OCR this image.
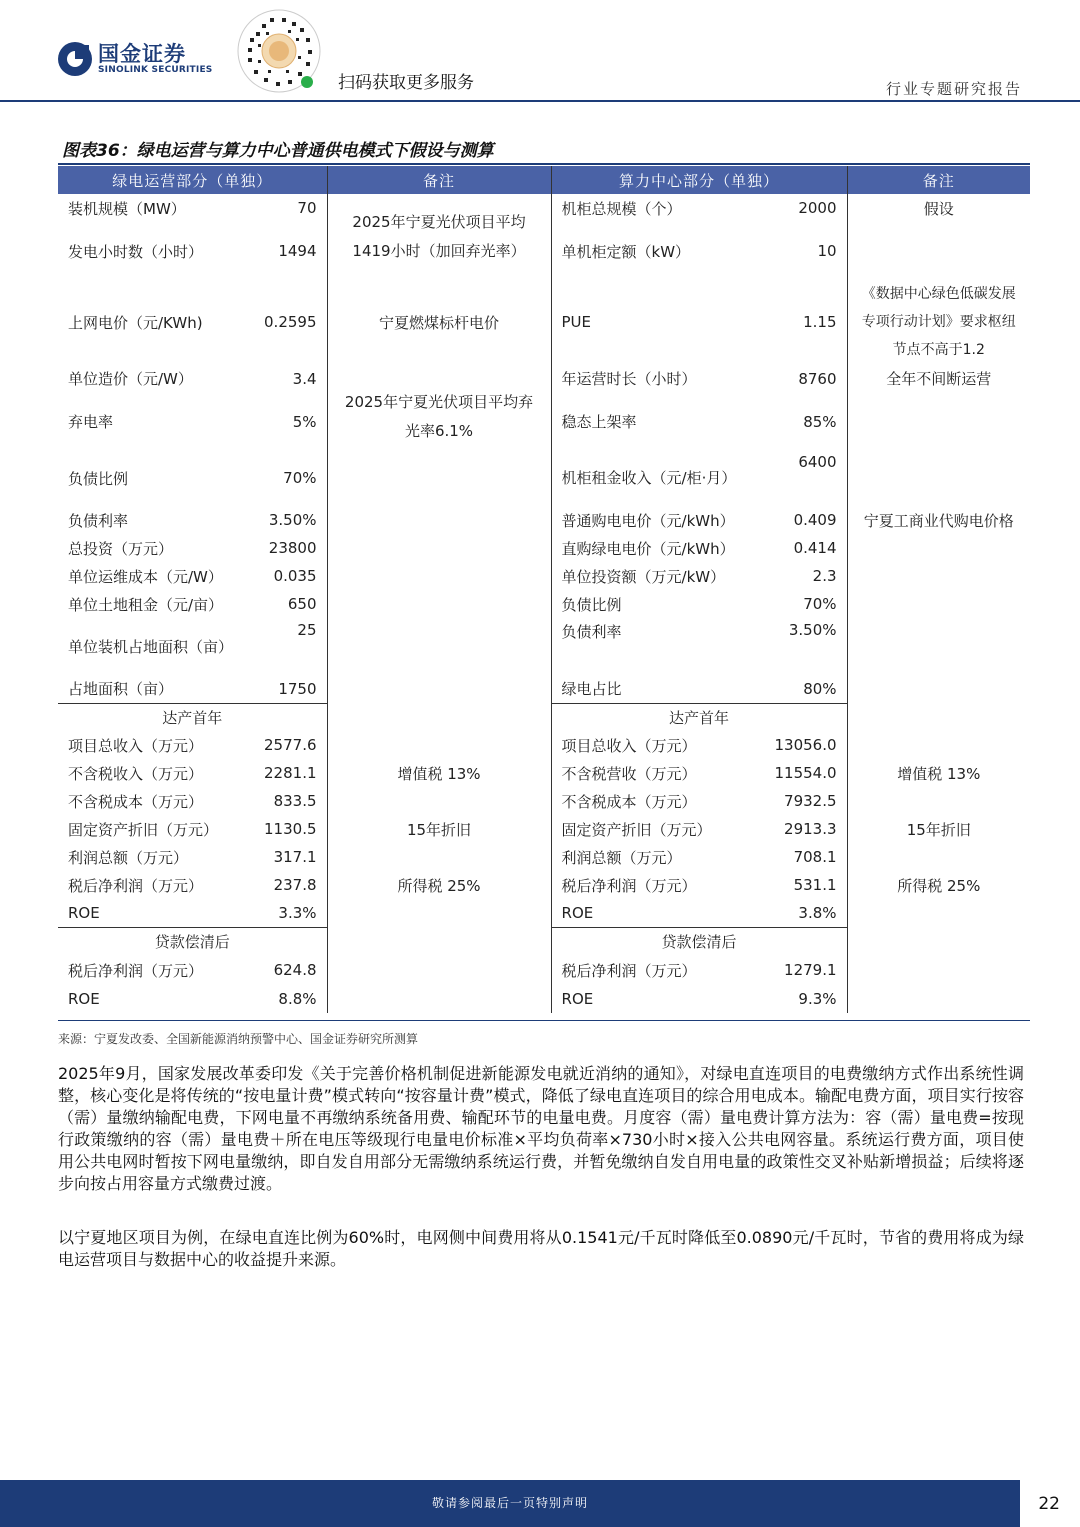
国金证券
SINOLINK SECURITIES
扫码获取更多服务	行业专题研究报告
图表36：绿电运营与算力中心普通供电模式下假设与测算
绿电运营部分（单独）		备注	算力中心部分（单独）		备注
装机规模（MW）	70	2025年宁夏光伏项目平均1419小时（加回弃光率）	机柜总规模（个）	2000	假设
发电小时数（小时）	1494		单机柜定额（kW）	10	
上网电价（元/KWh)	0.2595	宁夏燃煤标杆电价	PUE	1.15	《数据中心绿色低碳发展专项行动计划》要求枢纽节点不高于1.2
单位造价（元/W）	3.4	2025年宁夏光伏项目平均弃光率6.1%	年运营时长（小时）	8760	全年不间断运营
弃电率	5%		稳态上架率	85%	
负债比例	70%		机柜租金收入（元/柜·月）	6400	
负债利率	3.50%		普通购电电价（元/kWh）	0.409	宁夏工商业代购电价格
总投资（万元）	23800		直购绿电电价（元/kWh）	0.414	
单位运维成本（元/W）	0.035		单位投资额（万元/kW）	2.3	
单位土地租金（元/亩）	650		负债比例	70%	
单位装机占地面积（亩）	25		负债利率	3.50%	
占地面积（亩）	1750		绿电占比	80%	
达产首年			达产首年		
项目总收入（万元）	2577.6		项目总收入（万元）	13056.0	
不含税收入（万元）	2281.1	增值税 13%	不含税营收（万元）	11554.0	增值税 13%
不含税成本（万元）	833.5		不含税成本（万元）	7932.5	
固定资产折旧（万元）	1130.5	15年折旧	固定资产折旧（万元）	2913.3	15年折旧
利润总额（万元）	317.1		利润总额（万元）	708.1	
税后净利润（万元）	237.8	所得税 25%	税后净利润（万元）	531.1	所得税 25%
ROE	3.3%		ROE	3.8%	
贷款偿清后			贷款偿清后		
税后净利润（万元）	624.8		税后净利润（万元）	1279.1	
ROE	8.8%		ROE	9.3%	
来源：宁夏发改委、全国新能源消纳预警中心、国金证券研究所测算
2025年9月，国家发展改革委印发《关于完善价格机制促进新能源发电就近消纳的通知》，对绿电直连项目的电费缴纳方式作出系统性调整，核心变化是将传统的“按电量计费”模式转向“按容量计费”模式，降低了绿电直连项目的综合用电成本。输配电费方面，项目实行按容（需）量缴纳输配电费，下网电量不再缴纳系统备用费、输配环节的电量电费。月度容（需）量电费计算方法为：容（需）量电费=按现行政策缴纳的容（需）量电费＋所在电压等级现行电量电价标准×平均负荷率×730小时×接入公共电网容量。系统运行费方面，项目使用公共电网时暂按下网电量缴纳，即自发自用部分无需缴纳系统运行费，并暂免缴纳自发自用电量的政策性交叉补贴新增损益；后续将逐步向按占用容量方式缴费过渡。
以宁夏地区项目为例，在绿电直连比例为60%时，电网侧中间费用将从0.1541元/千瓦时降低至0.0890元/千瓦时，节省的费用将成为绿电运营项目与数据中心的收益提升来源。
敬请参阅最后一页特别声明	22
